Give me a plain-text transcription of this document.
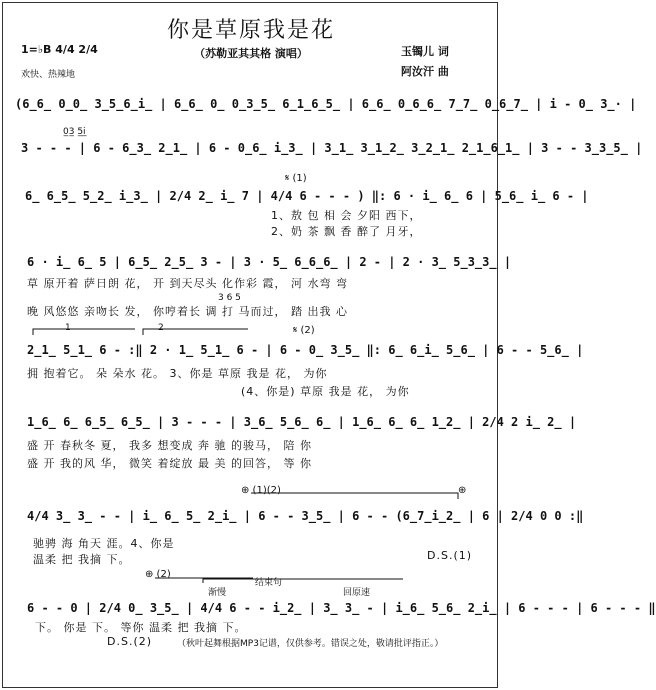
你是草原我是花
（苏勒亚其其格 演唱）
1=♭B 4/4 2/4
欢快、热辣地
玉镯儿 词
阿汝汗 曲
(6̲6̲ 0̲0̲ 3̲5̲6̲i̲ | 6̲6̲ 0̲ 0̲3̲5̲ 6̲1̲6̲5̲ | 6̲6̲ 0̲6̲6̲ 7̲7̲ 0̲6̲7̲ | i - 0̲ 3̲· |
0̲3̲ 5̲i̲
3 - - - | 6 - 6̲3̲ 2̲1̲ | 6 - 0̲6̲ i̲3̲ | 3̲1̲ 3̲1̲2̲ 3̲2̲1̲ 2̲1̲6̲1̲ | 3 - - 3̲3̲5̲ |
𝄋 (1)
6̲ 6̲5̲ 5̲2̲ i̲3̲ | 2/4 2̲ i̲ 7 | 4/4 6 - - - ) ‖: 6 · i̲ 6̲ 6 | 5̲6̲ i̲ 6 - |
1、敖 包 相 会 夕阳 西下，
2、奶 茶 飘 香 醉了 月牙，
6 · i̲ 6̲ 5 | 6̲5̲ 2̲5̲ 3 - | 3 · 5̲ 6̲6̲6̲ | 2 - | 2 · 3̲ 5̲3̲3̲ |
草 原开着 萨日朗 花， 开 到天尽头 化作彩 霞， 河 水弯 弯
3 6 5
晚 风悠悠 亲吻长 发， 你哼着长 调 打 马而过， 踏 出我 心
1	2	𝄋 (2)
2̲1̲ 5̲1̲ 6 - :‖ 2 · 1̲ 5̲1̲ 6 - | 6 - 0̲ 3̲5̲ ‖: 6̲ 6̲i̲ 5̲6̲ | 6 - - 5̲6̲ |
拥 抱着它。 朵 朵水 花。 3、你是 草原 我是 花， 为你
(4、你是) 草原 我是 花， 为你
1̲6̲ 6̲ 6̲5̲ 6̲5̲ | 3 - - - | 3̲6̲ 5̲6̲ 6̲ | 1̲6̲ 6̲ 6̲ 1̲2̲ | 2/4 2 i̲ 2̲ |
盛 开 春秋冬 夏， 我多 想变成 奔 驰 的骏马， 陪 你
盛 开 我的风 华， 微笑 着绽放 最 美 的回答， 等 你
⊕ (1)(2)	⊕
4/4 3̲ 3̲ - - | i̲ 6̲ 5̲ 2̲i̲ | 6 - - 3̲5̲ | 6 - - (6̲7̲i̲2̲ | 6 | 2/4 0 0 :‖
驰骋 海 角天 涯。4、你是
温柔 把 我摘 下。	D.S.(1)
⊕ (2)
结束句
渐慢	回原速
6 - - 0 | 2/4 0̲ 3̲5̲ | 4/4 6 - - i̲2̲ | 3̲ 3̲ - | i̲6̲ 5̲6̲ 2̲i̲ | 6 - - - | 6 - - - ‖
下。 你是 下。 等你 温柔 把 我摘 下。
D.S.(2)	（秋叶起舞根据MP3记谱，仅供参考。错误之处，敬请批评指正。）
